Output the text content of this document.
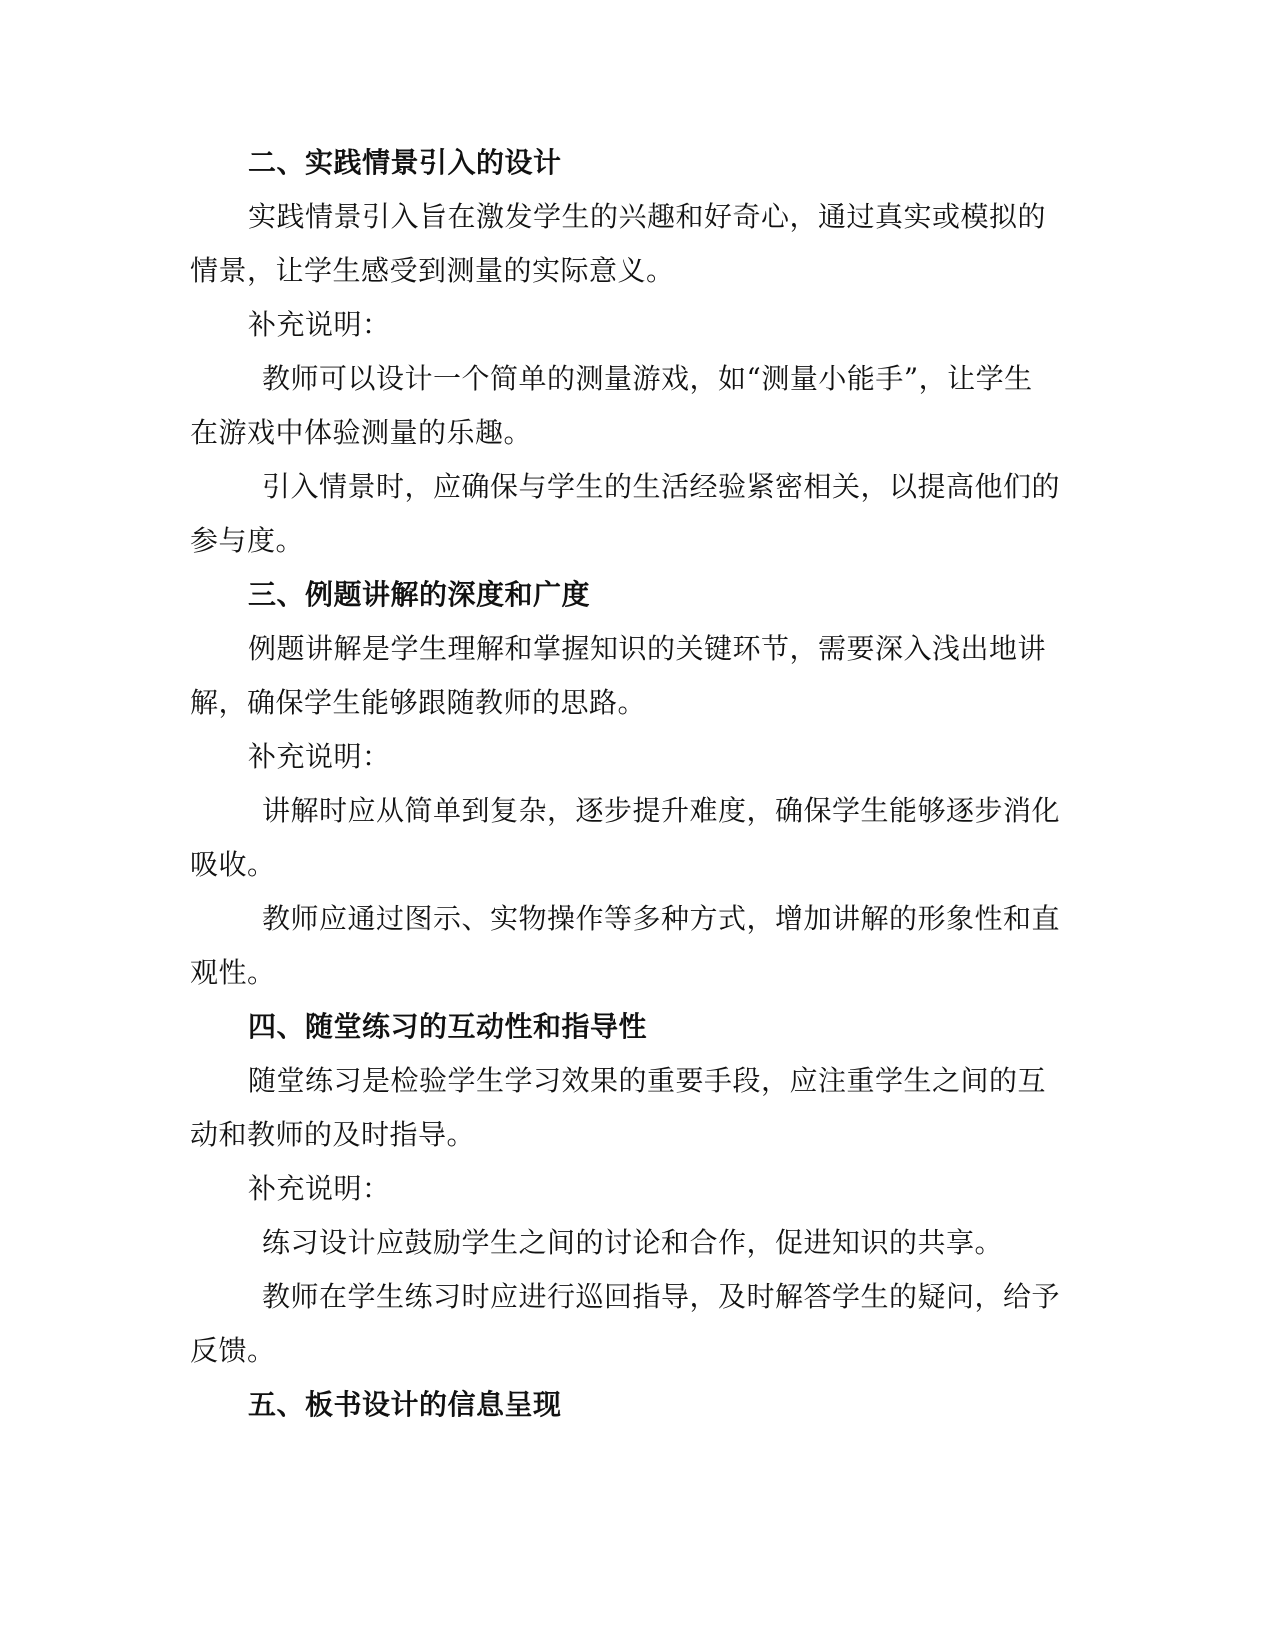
二、实践情景引入的设计
实践情景引入旨在激发学生的兴趣和好奇心，通过真实或模拟的
情景，让学生感受到测量的实际意义。
补充说明：
教师可以设计一个简单的测量游戏，如“测量小能手”，让学生
在游戏中体验测量的乐趣。
引入情景时，应确保与学生的生活经验紧密相关，以提高他们的
参与度。
三、例题讲解的深度和广度
例题讲解是学生理解和掌握知识的关键环节，需要深入浅出地讲
解，确保学生能够跟随教师的思路。
补充说明：
讲解时应从简单到复杂，逐步提升难度，确保学生能够逐步消化
吸收。
教师应通过图示、实物操作等多种方式，增加讲解的形象性和直
观性。
四、随堂练习的互动性和指导性
随堂练习是检验学生学习效果的重要手段，应注重学生之间的互
动和教师的及时指导。
补充说明：
练习设计应鼓励学生之间的讨论和合作，促进知识的共享。
教师在学生练习时应进行巡回指导，及时解答学生的疑问，给予
反馈。
五、板书设计的信息呈现
